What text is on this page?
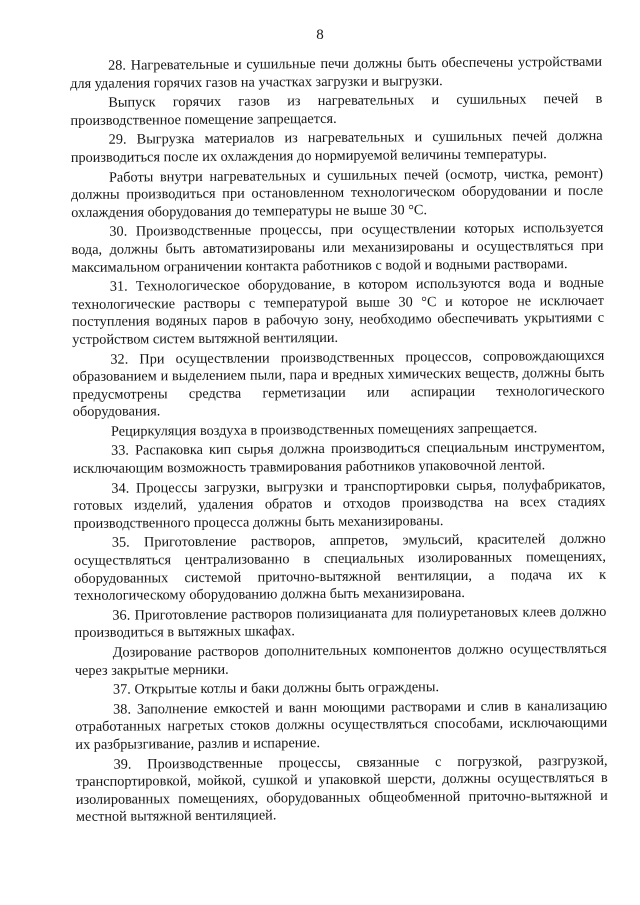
8

28. Нагревательные и сушильные печи должны быть обеспечены устройствами для удаления горячих газов на участках загрузки и выгрузки.

Выпуск горячих газов из нагревательных и сушильных печей в производственное помещение запрещается.

29. Выгрузка материалов из нагревательных и сушильных печей должна производиться после их охлаждения до нормируемой величины температуры.

Работы внутри нагревательных и сушильных печей (осмотр, чистка, ремонт) должны производиться при остановленном технологическом оборудовании и после охлаждения оборудования до температуры не выше 30 °С.

30. Производственные процессы, при осуществлении которых используется вода, должны быть автоматизированы или механизированы и осуществляться при максимальном ограничении контакта работников с водой и водными растворами.

31. Технологическое оборудование, в котором используются вода и водные технологические растворы с температурой выше 30 °С и которое не исключает поступления водяных паров в рабочую зону, необходимо обеспечивать укрытиями с устройством систем вытяжной вентиляции.

32. При осуществлении производственных процессов, сопровождающихся образованием и выделением пыли, пара и вредных химических веществ, должны быть предусмотрены средства герметизации или аспирации технологического оборудования.

Рециркуляция воздуха в производственных помещениях запрещается.

33. Распаковка кип сырья должна производиться специальным инструментом, исключающим возможность травмирования работников упаковочной лентой.

34. Процессы загрузки, выгрузки и транспортировки сырья, полуфабрикатов, готовых изделий, удаления обратов и отходов производства на всех стадиях производственного процесса должны быть механизированы.

35. Приготовление растворов, аппретов, эмульсий, красителей должно осуществляться централизованно в специальных изолированных помещениях, оборудованных системой приточно-вытяжной вентиляции, а подача их к технологическому оборудованию должна быть механизирована.

36. Приготовление растворов полизицианата для полиуретановых клеев должно производиться в вытяжных шкафах.

Дозирование растворов дополнительных компонентов должно осуществляться через закрытые мерники.

37. Открытые котлы и баки должны быть ограждены.

38. Заполнение емкостей и ванн моющими растворами и слив в канализацию отработанных нагретых стоков должны осуществляться способами, исключающими их разбрызгивание, разлив и испарение.

39. Производственные процессы, связанные с погрузкой, разгрузкой, транспортировкой, мойкой, сушкой и упаковкой шерсти, должны осуществляться в изолированных помещениях, оборудованных общеобменной приточно-вытяжной и местной вытяжной вентиляцией.
